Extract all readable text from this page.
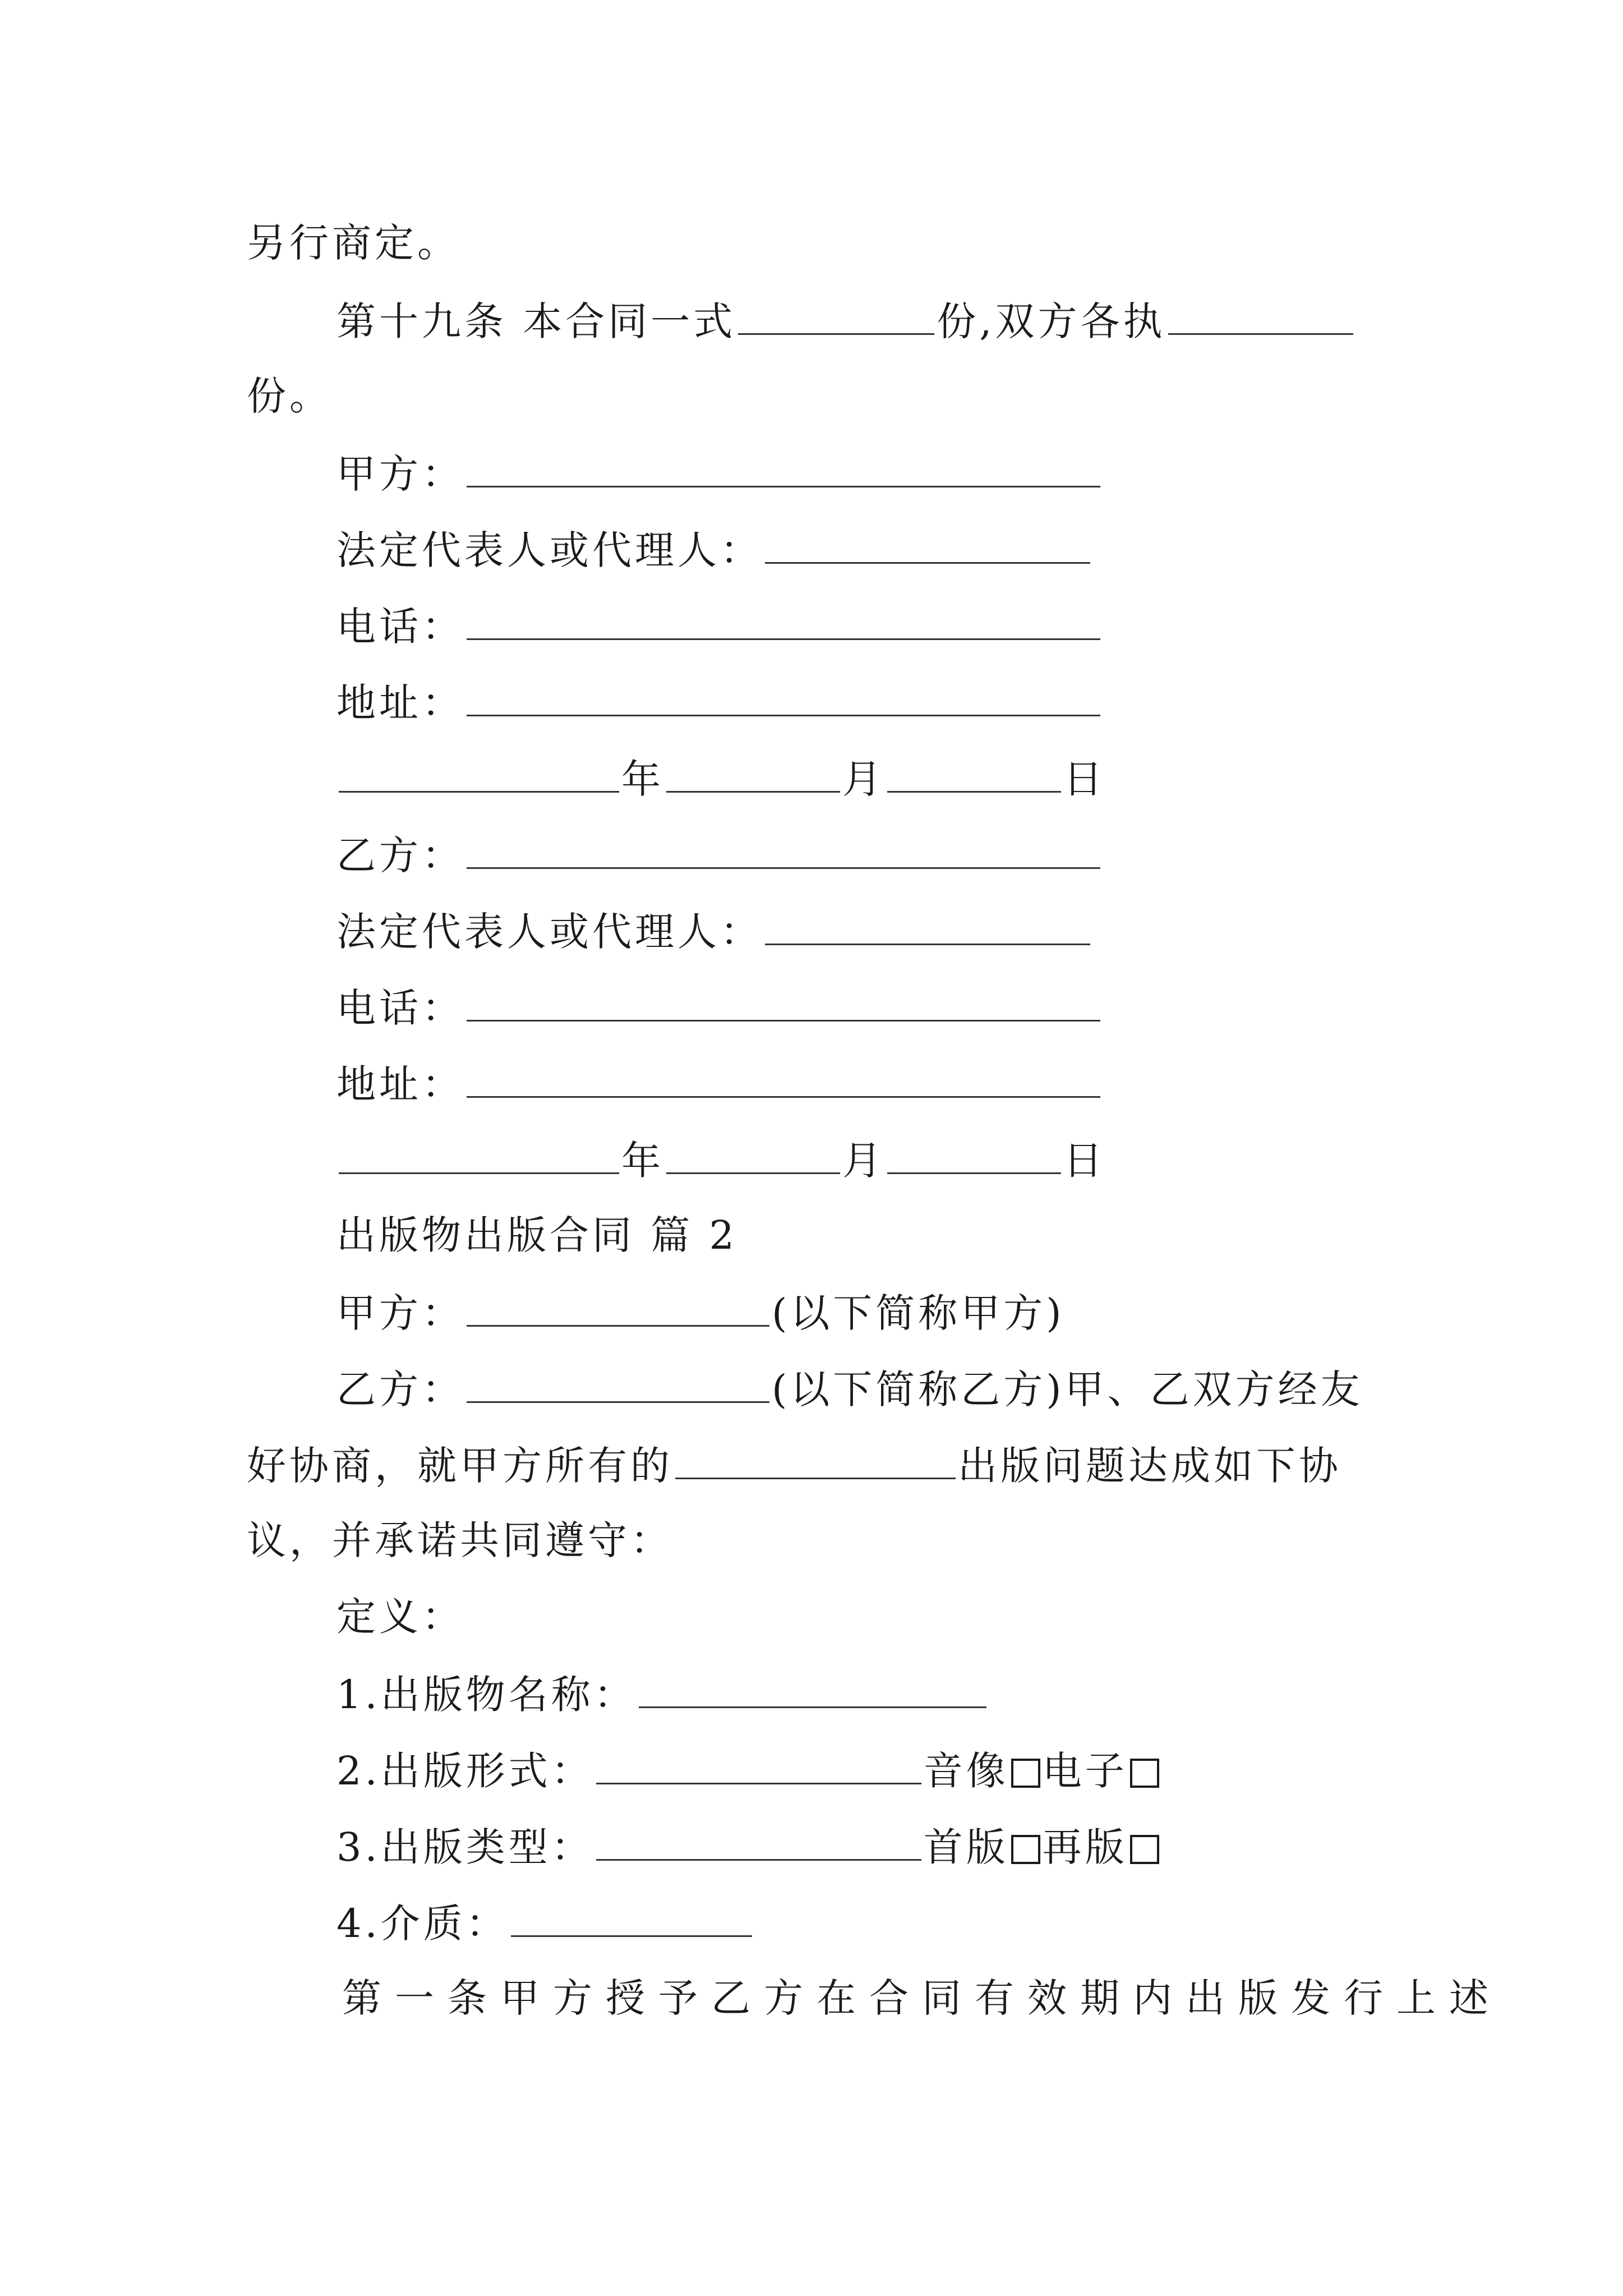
另行商定。
第十九条 本合同一式	份,双方各执
份。
甲方：
法定代表人或代理人：
电话：
地址：
年	月	日
乙方：
法定代表人或代理人：
电话：
地址：
年	月	日
出版物出版合同 篇 2
甲方：	(以下简称甲方)
乙方：	(以下简称乙方)甲、乙双方经友
好协商，就甲方所有的	出版问题达成如下协
议，并承诺共同遵守：
定义：
1.出版物名称：
2.出版形式：	音像 电子
3.出版类型：	首版 再版
4.介质：
第一条甲方授予乙方在合同有效期内出版发行上述
